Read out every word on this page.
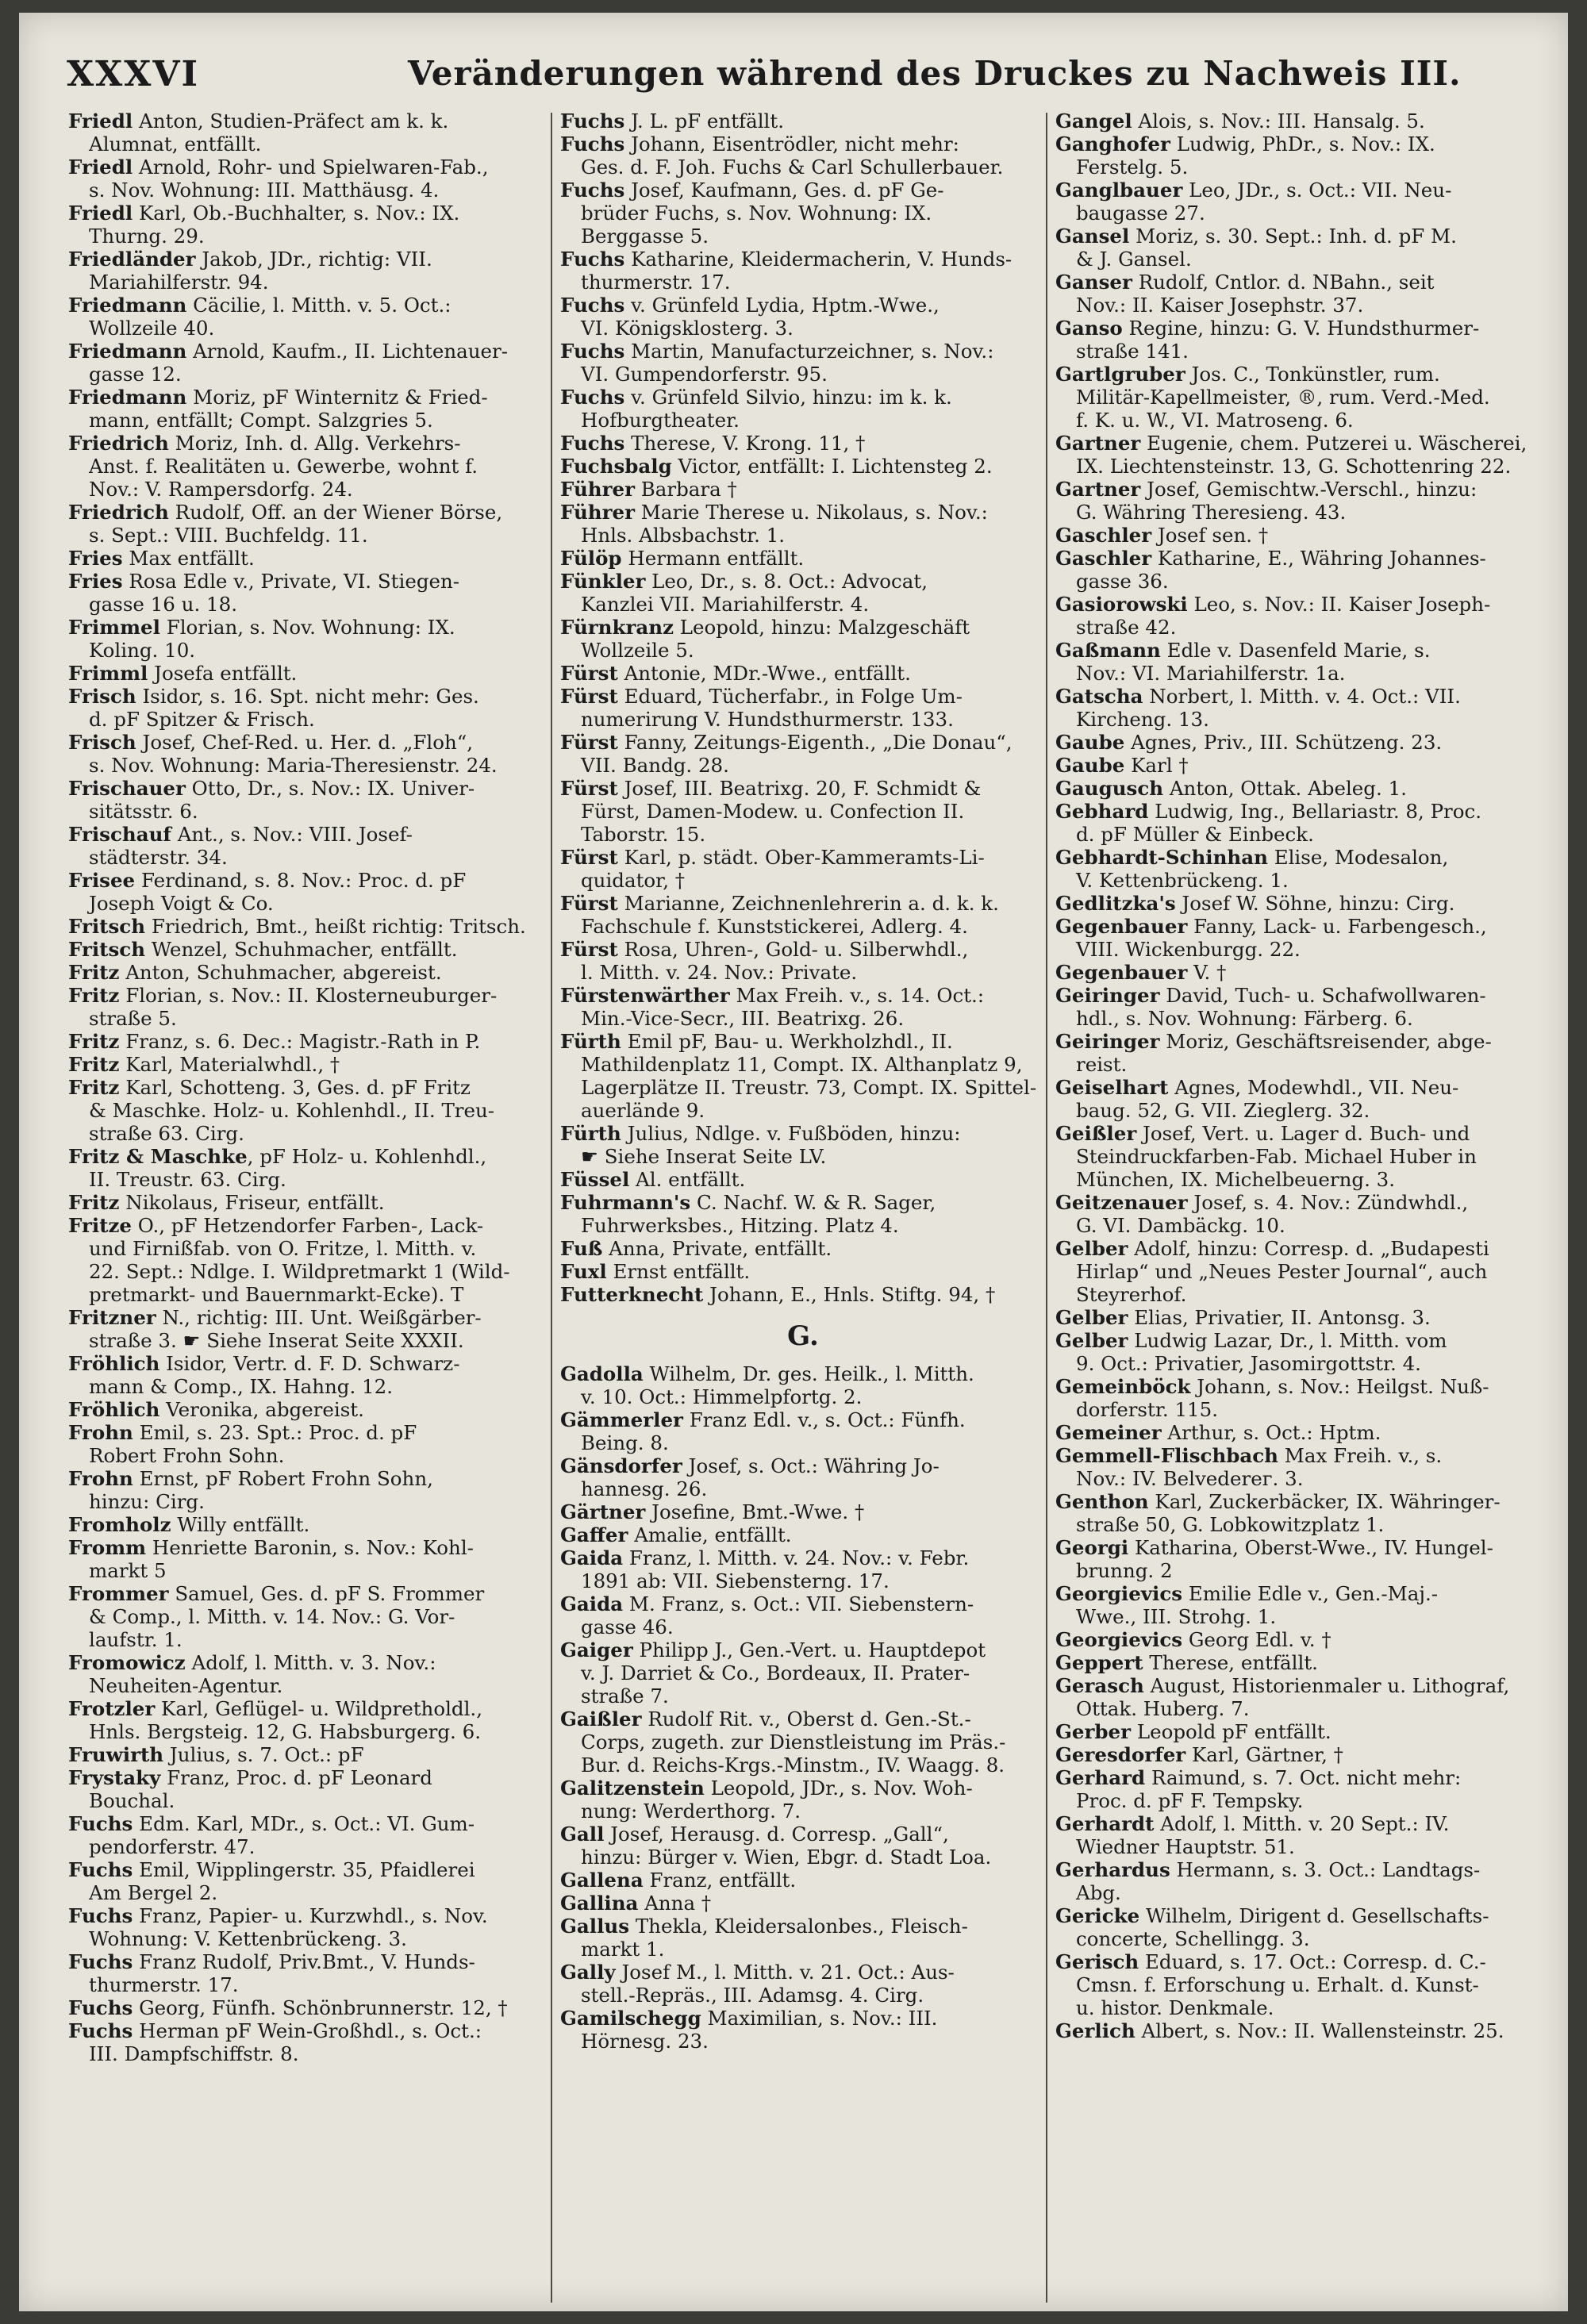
XXXVI	Veränderungen während des Druckes zu Nachweis III.
Friedl Anton, Studien-Präfect am k. k.
Alumnat, entfällt.
Friedl Arnold, Rohr- und Spielwaren-Fab.,
s. Nov. Wohnung: III. Matthäusg. 4.
Friedl Karl, Ob.-Buchhalter, s. Nov.: IX.
Thurng. 29.
Friedländer Jakob, JDr., richtig: VII.
Mariahilferstr. 94.
Friedmann Cäcilie, l. Mitth. v. 5. Oct.:
Wollzeile 40.
Friedmann Arnold, Kaufm., II. Lichtenauer-
gasse 12.
Friedmann Moriz, pF Winternitz & Fried-
mann, entfällt; Compt. Salzgries 5.
Friedrich Moriz, Inh. d. Allg. Verkehrs-
Anst. f. Realitäten u. Gewerbe, wohnt f.
Nov.: V. Rampersdorfg. 24.
Friedrich Rudolf, Off. an der Wiener Börse,
s. Sept.: VIII. Buchfeldg. 11.
Fries Max entfällt.
Fries Rosa Edle v., Private, VI. Stiegen-
gasse 16 u. 18.
Frimmel Florian, s. Nov. Wohnung: IX.
Koling. 10.
Frimml Josefa entfällt.
Frisch Isidor, s. 16. Spt. nicht mehr: Ges.
d. pF Spitzer & Frisch.
Frisch Josef, Chef-Red. u. Her. d. „Floh“,
s. Nov. Wohnung: Maria-Theresienstr. 24.
Frischauer Otto, Dr., s. Nov.: IX. Univer-
sitätsstr. 6.
Frischauf Ant., s. Nov.: VIII. Josef-
städterstr. 34.
Frisee Ferdinand, s. 8. Nov.: Proc. d. pF
Joseph Voigt & Co.
Fritsch Friedrich, Bmt., heißt richtig: Tritsch.
Fritsch Wenzel, Schuhmacher, entfällt.
Fritz Anton, Schuhmacher, abgereist.
Fritz Florian, s. Nov.: II. Klosterneuburger-
straße 5.
Fritz Franz, s. 6. Dec.: Magistr.-Rath in P.
Fritz Karl, Materialwhdl., †
Fritz Karl, Schotteng. 3, Ges. d. pF Fritz
& Maschke. Holz- u. Kohlenhdl., II. Treu-
straße 63. Cirg.
Fritz & Maschke, pF Holz- u. Kohlenhdl.,
II. Treustr. 63. Cirg.
Fritz Nikolaus, Friseur, entfällt.
Fritze O., pF Hetzendorfer Farben-, Lack-
und Firnißfab. von O. Fritze, l. Mitth. v.
22. Sept.: Ndlge. I. Wildpretmarkt 1 (Wild-
pretmarkt- und Bauernmarkt-Ecke). T
Fritzner N., richtig: III. Unt. Weißgärber-
straße 3. ☛ Siehe Inserat Seite XXXII.
Fröhlich Isidor, Vertr. d. F. D. Schwarz-
mann & Comp., IX. Hahng. 12.
Fröhlich Veronika, abgereist.
Frohn Emil, s. 23. Spt.: Proc. d. pF
Robert Frohn Sohn.
Frohn Ernst, pF Robert Frohn Sohn,
hinzu: Cirg.
Fromholz Willy entfällt.
Fromm Henriette Baronin, s. Nov.: Kohl-
markt 5
Frommer Samuel, Ges. d. pF S. Frommer
& Comp., l. Mitth. v. 14. Nov.: G. Vor-
laufstr. 1.
Fromowicz Adolf, l. Mitth. v. 3. Nov.:
Neuheiten-Agentur.
Frotzler Karl, Geflügel- u. Wildpretholdl.,
Hnls. Bergsteig. 12, G. Habsburgerg. 6.
Fruwirth Julius, s. 7. Oct.: pF
Frystaky Franz, Proc. d. pF Leonard
Bouchal.
Fuchs Edm. Karl, MDr., s. Oct.: VI. Gum-
pendorferstr. 47.
Fuchs Emil, Wipplingerstr. 35, Pfaidlerei
Am Bergel 2.
Fuchs Franz, Papier- u. Kurzwhdl., s. Nov.
Wohnung: V. Kettenbrückeng. 3.
Fuchs Franz Rudolf, Priv.Bmt., V. Hunds-
thurmerstr. 17.
Fuchs Georg, Fünfh. Schönbrunnerstr. 12, †
Fuchs Herman pF Wein-Großhdl., s. Oct.:
III. Dampfschiffstr. 8.
Fuchs J. L. pF entfällt.
Fuchs Johann, Eisentrödler, nicht mehr:
Ges. d. F. Joh. Fuchs & Carl Schullerbauer.
Fuchs Josef, Kaufmann, Ges. d. pF Ge-
brüder Fuchs, s. Nov. Wohnung: IX.
Berggasse 5.
Fuchs Katharine, Kleidermacherin, V. Hunds-
thurmerstr. 17.
Fuchs v. Grünfeld Lydia, Hptm.-Wwe.,
VI. Königsklosterg. 3.
Fuchs Martin, Manufacturzeichner, s. Nov.:
VI. Gumpendorferstr. 95.
Fuchs v. Grünfeld Silvio, hinzu: im k. k.
Hofburgtheater.
Fuchs Therese, V. Krong. 11, †
Fuchsbalg Victor, entfällt: I. Lichtensteg 2.
Führer Barbara †
Führer Marie Therese u. Nikolaus, s. Nov.:
Hnls. Albsbachstr. 1.
Fülöp Hermann entfällt.
Fünkler Leo, Dr., s. 8. Oct.: Advocat,
Kanzlei VII. Mariahilferstr. 4.
Fürnkranz Leopold, hinzu: Malzgeschäft
Wollzeile 5.
Fürst Antonie, MDr.-Wwe., entfällt.
Fürst Eduard, Tücherfabr., in Folge Um-
numerirung V. Hundsthurmerstr. 133.
Fürst Fanny, Zeitungs-Eigenth., „Die Donau“,
VII. Bandg. 28.
Fürst Josef, III. Beatrixg. 20, F. Schmidt &
Fürst, Damen-Modew. u. Confection II.
Taborstr. 15.
Fürst Karl, p. städt. Ober-Kammeramts-Li-
quidator, †
Fürst Marianne, Zeichnenlehrerin a. d. k. k.
Fachschule f. Kunststickerei, Adlerg. 4.
Fürst Rosa, Uhren-, Gold- u. Silberwhdl.,
l. Mitth. v. 24. Nov.: Private.
Fürstenwärther Max Freih. v., s. 14. Oct.:
Min.-Vice-Secr., III. Beatrixg. 26.
Fürth Emil pF, Bau- u. Werkholzhdl., II.
Mathildenplatz 11, Compt. IX. Althanplatz 9,
Lagerplätze II. Treustr. 73, Compt. IX. Spittel-
auerlände 9.
Fürth Julius, Ndlge. v. Fußböden, hinzu:
☛ Siehe Inserat Seite LV.
Füssel Al. entfällt.
Fuhrmann's C. Nachf. W. & R. Sager,
Fuhrwerksbes., Hitzing. Platz 4.
Fuß Anna, Private, entfällt.
Fuxl Ernst entfällt.
Futterknecht Johann, E., Hnls. Stiftg. 94, †
G.
Gadolla Wilhelm, Dr. ges. Heilk., l. Mitth.
v. 10. Oct.: Himmelpfortg. 2.
Gämmerler Franz Edl. v., s. Oct.: Fünfh.
Being. 8.
Gänsdorfer Josef, s. Oct.: Währing Jo-
hannesg. 26.
Gärtner Josefine, Bmt.-Wwe. †
Gaffer Amalie, entfällt.
Gaida Franz, l. Mitth. v. 24. Nov.: v. Febr.
1891 ab: VII. Siebensterng. 17.
Gaida M. Franz, s. Oct.: VII. Siebenstern-
gasse 46.
Gaiger Philipp J., Gen.-Vert. u. Hauptdepot
v. J. Darriet & Co., Bordeaux, II. Prater-
straße 7.
Gaißler Rudolf Rit. v., Oberst d. Gen.-St.-
Corps, zugeth. zur Dienstleistung im Präs.-
Bur. d. Reichs-Krgs.-Minstm., IV. Waagg. 8.
Galitzenstein Leopold, JDr., s. Nov. Woh-
nung: Werderthorg. 7.
Gall Josef, Herausg. d. Corresp. „Gall“,
hinzu: Bürger v. Wien, Ebgr. d. Stadt Loa.
Gallena Franz, entfällt.
Gallina Anna †
Gallus Thekla, Kleidersalonbes., Fleisch-
markt 1.
Gally Josef M., l. Mitth. v. 21. Oct.: Aus-
stell.-Repräs., III. Adamsg. 4. Cirg.
Gamilschegg Maximilian, s. Nov.: III.
Hörnesg. 23.
Gangel Alois, s. Nov.: III. Hansalg. 5.
Ganghofer Ludwig, PhDr., s. Nov.: IX.
Ferstelg. 5.
Ganglbauer Leo, JDr., s. Oct.: VII. Neu-
baugasse 27.
Gansel Moriz, s. 30. Sept.: Inh. d. pF M.
& J. Gansel.
Ganser Rudolf, Cntlor. d. NBahn., seit
Nov.: II. Kaiser Josephstr. 37.
Ganso Regine, hinzu: G. V. Hundsthurmer-
straße 141.
Gartlgruber Jos. C., Tonkünstler, rum.
Militär-Kapellmeister, ®, rum. Verd.-Med.
f. K. u. W., VI. Matroseng. 6.
Gartner Eugenie, chem. Putzerei u. Wäscherei,
IX. Liechtensteinstr. 13, G. Schottenring 22.
Gartner Josef, Gemischtw.-Verschl., hinzu:
G. Währing Theresieng. 43.
Gaschler Josef sen. †
Gaschler Katharine, E., Währing Johannes-
gasse 36.
Gasiorowski Leo, s. Nov.: II. Kaiser Joseph-
straße 42.
Gaßmann Edle v. Dasenfeld Marie, s.
Nov.: VI. Mariahilferstr. 1a.
Gatscha Norbert, l. Mitth. v. 4. Oct.: VII.
Kircheng. 13.
Gaube Agnes, Priv., III. Schützeng. 23.
Gaube Karl †
Gaugusch Anton, Ottak. Abeleg. 1.
Gebhard Ludwig, Ing., Bellariastr. 8, Proc.
d. pF Müller & Einbeck.
Gebhardt-Schinhan Elise, Modesalon,
V. Kettenbrückeng. 1.
Gedlitzka's Josef W. Söhne, hinzu: Cirg.
Gegenbauer Fanny, Lack- u. Farbengesch.,
VIII. Wickenburgg. 22.
Gegenbauer V. †
Geiringer David, Tuch- u. Schafwollwaren-
hdl., s. Nov. Wohnung: Färberg. 6.
Geiringer Moriz, Geschäftsreisender, abge-
reist.
Geiselhart Agnes, Modewhdl., VII. Neu-
baug. 52, G. VII. Zieglerg. 32.
Geißler Josef, Vert. u. Lager d. Buch- und
Steindruckfarben-Fab. Michael Huber in
München, IX. Michelbeuerng. 3.
Geitzenauer Josef, s. 4. Nov.: Zündwhdl.,
G. VI. Dambäckg. 10.
Gelber Adolf, hinzu: Corresp. d. „Budapesti
Hirlap“ und „Neues Pester Journal“, auch
Steyrerhof.
Gelber Elias, Privatier, II. Antonsg. 3.
Gelber Ludwig Lazar, Dr., l. Mitth. vom
9. Oct.: Privatier, Jasomirgottstr. 4.
Gemeinböck Johann, s. Nov.: Heilgst. Nuß-
dorferstr. 115.
Gemeiner Arthur, s. Oct.: Hptm.
Gemmell-Flischbach Max Freih. v., s.
Nov.: IV. Belvederег. 3.
Genthon Karl, Zuckerbäcker, IX. Währinger-
straße 50, G. Lobkowitzplatz 1.
Georgi Katharina, Oberst-Wwe., IV. Hungel-
brunng. 2
Georgievics Emilie Edle v., Gen.-Maj.-
Wwe., III. Strohg. 1.
Georgievics Georg Edl. v. †
Geppert Therese, entfällt.
Gerasch August, Historienmaler u. Lithograf,
Ottak. Huberg. 7.
Gerber Leopold pF entfällt.
Geresdorfer Karl, Gärtner, †
Gerhard Raimund, s. 7. Oct. nicht mehr:
Proc. d. pF F. Tempsky.
Gerhardt Adolf, l. Mitth. v. 20 Sept.: IV.
Wiedner Hauptstr. 51.
Gerhardus Hermann, s. 3. Oct.: Landtags-
Abg.
Gericke Wilhelm, Dirigent d. Gesellschafts-
concerte, Schellingg. 3.
Gerisch Eduard, s. 17. Oct.: Corresp. d. C.-
Cmsn. f. Erforschung u. Erhalt. d. Kunst-
u. histor. Denkmale.
Gerlich Albert, s. Nov.: II. Wallensteinstr. 25.
